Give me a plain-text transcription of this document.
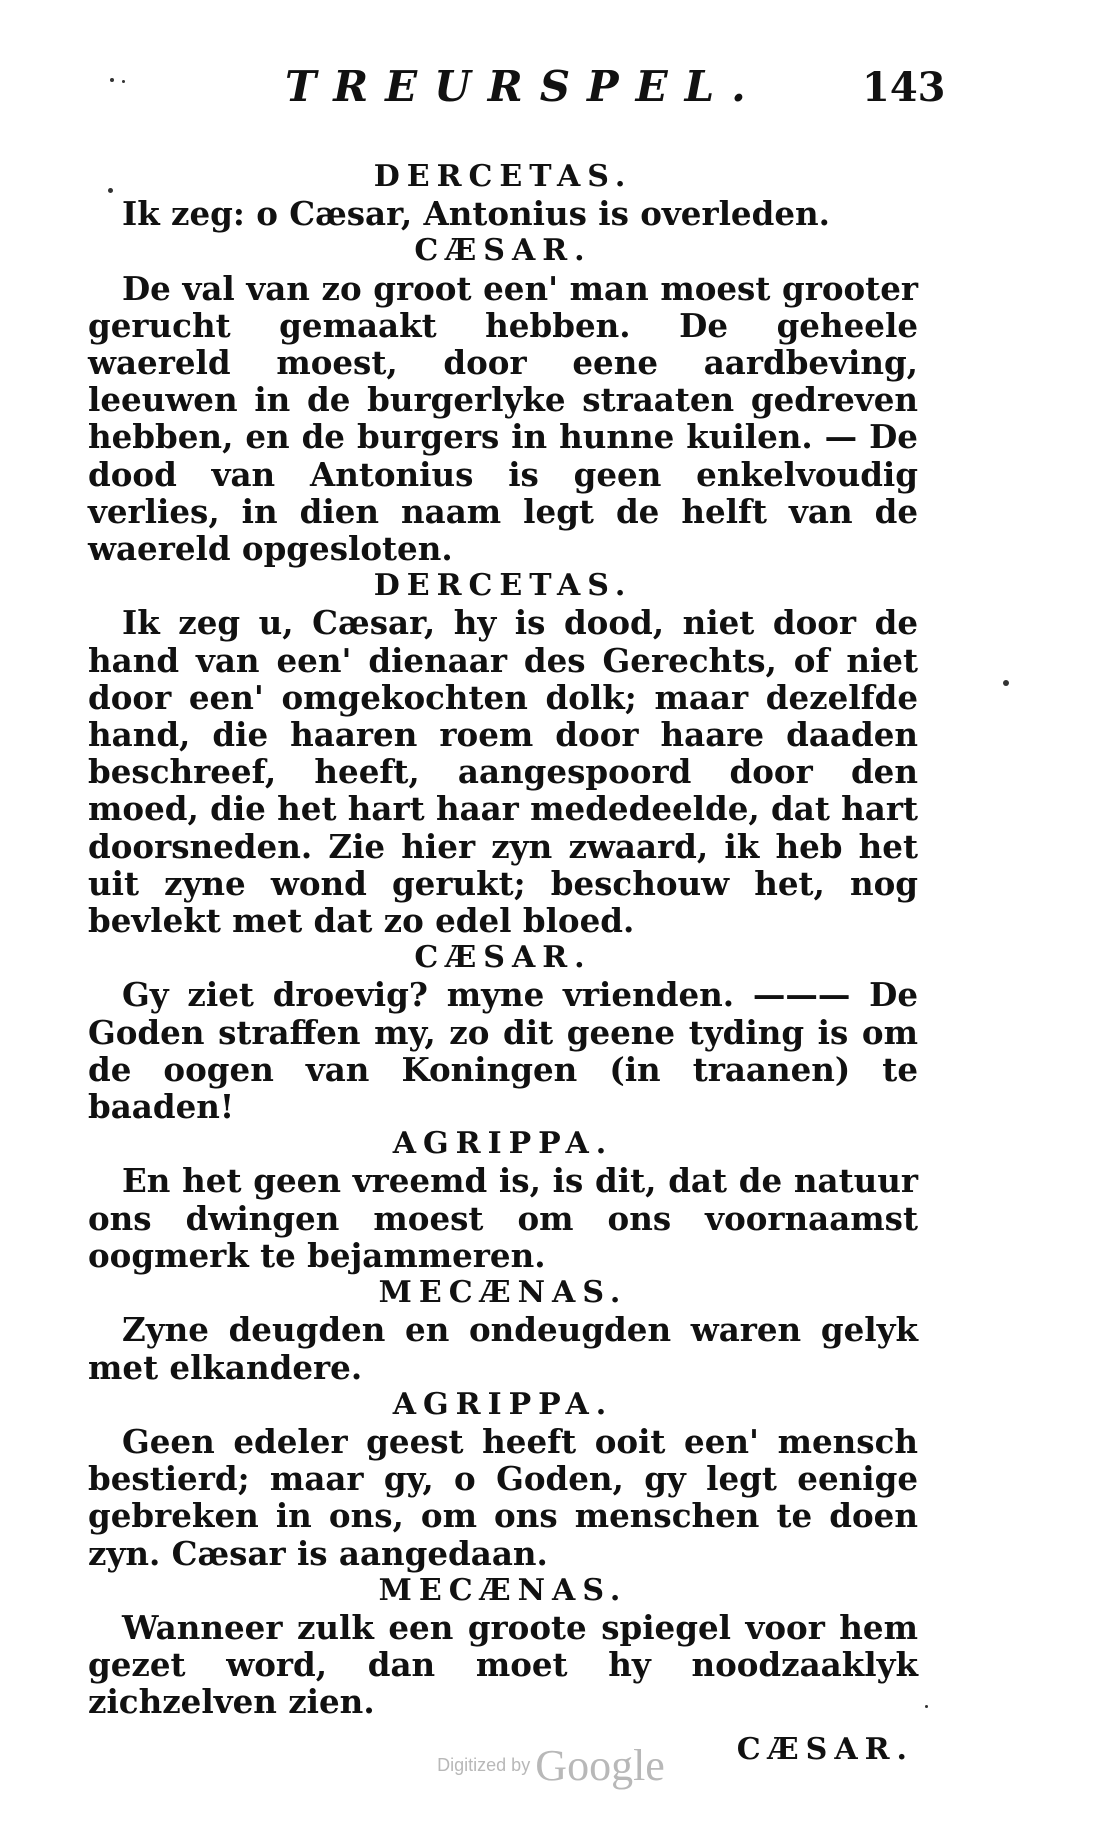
TREURSPEL. 143
DERCETAS.
Ik zeg: o Cæsar, Antonius is overleden.
CÆSAR.
De val van zo groot een' man moest grooter gerucht gemaakt hebben. De geheele waereld moest, door eene aardbeving, leeuwen in de burgerlyke straaten gedreven hebben, en de burgers in hunne kuilen. — De dood van Antonius is geen enkelvoudig verlies, in dien naam legt de helft van de waereld opgesloten.
DERCETAS.
Ik zeg u, Cæsar, hy is dood, niet door de hand van een' dienaar des Gerechts, of niet door een' omgekochten dolk; maar dezelfde hand, die haaren roem door haare daaden beschreef, heeft, aangespoord door den moed, die het hart haar mededeelde, dat hart doorsneden. Zie hier zyn zwaard, ik heb het uit zyne wond gerukt; beschouw het, nog bevlekt met dat zo edel bloed.
CÆSAR.
Gy ziet droevig? myne vrienden. ——— De Goden straffen my, zo dit geene tyding is om de oogen van Koningen (in traanen) te baaden!
AGRIPPA.
En het geen vreemd is, is dit, dat de natuur ons dwingen moest om ons voornaamst oogmerk te bejammeren.
MECÆNAS.
Zyne deugden en ondeugden waren gelyk met elkandere.
AGRIPPA.
Geen edeler geest heeft ooit een' mensch bestierd; maar gy, o Goden, gy legt eenige gebreken in ons, om ons menschen te doen zyn. Cæsar is aangedaan.
MECÆNAS.
Wanneer zulk een groote spiegel voor hem gezet word, dan moet hy noodzaaklyk zichzelven zien.
CÆSAR.
Digitized by Google
